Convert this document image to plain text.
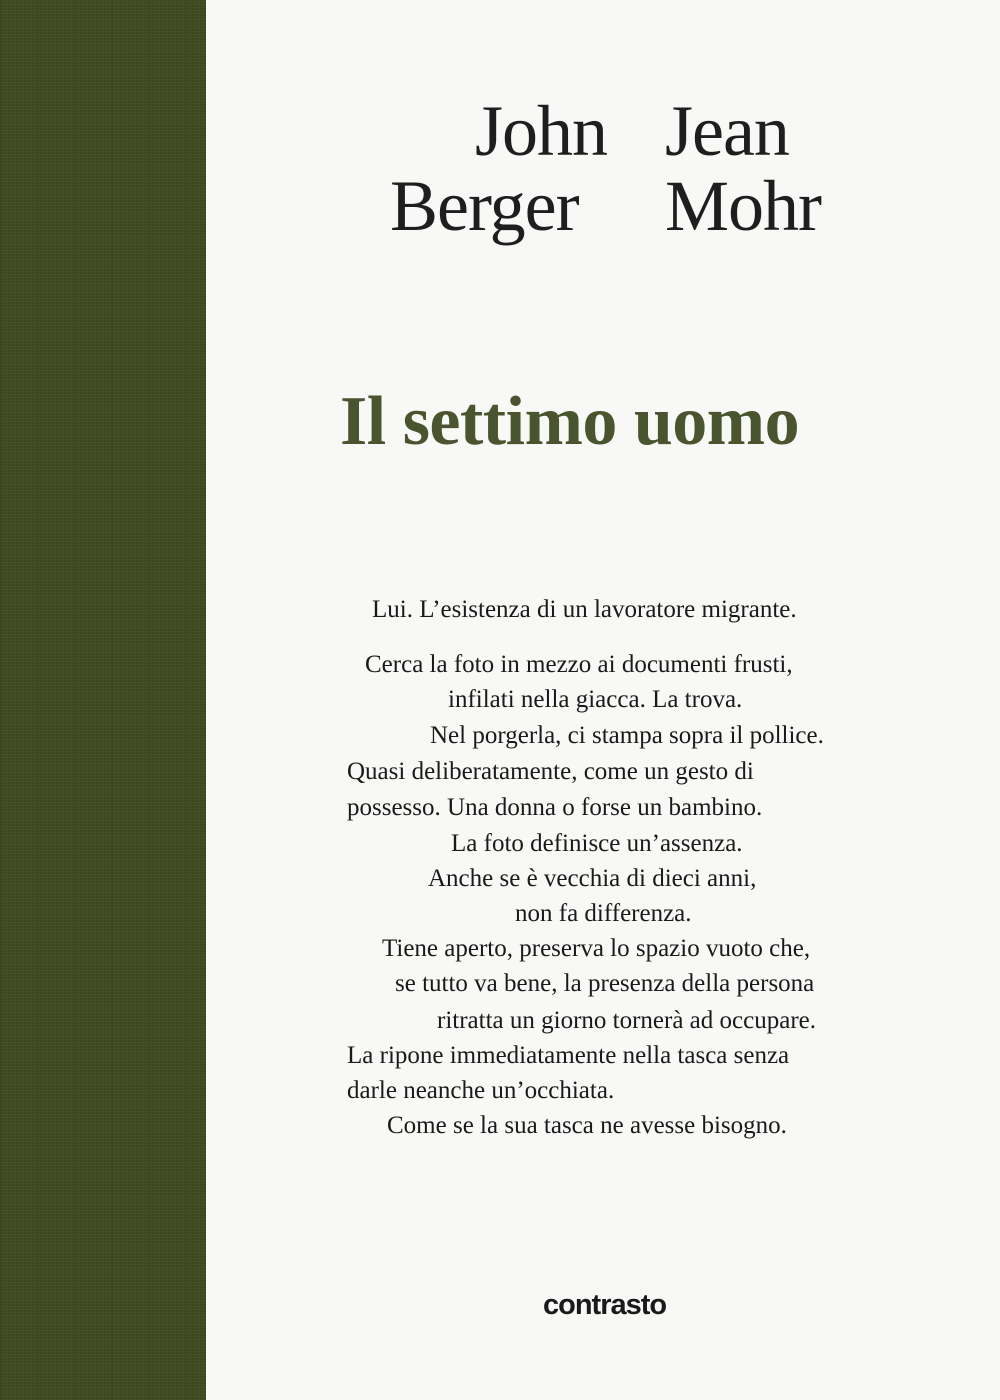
John
Berger
Jean
Mohr
Il settimo uomo
Lui. L’esistenza di un lavoratore migrante.
Cerca la foto in mezzo ai documenti frusti,
infilati nella giacca. La trova.
Nel porgerla, ci stampa sopra il pollice.
Quasi deliberatamente, come un gesto di
possesso. Una donna o forse un bambino.
La foto definisce un’assenza.
Anche se è vecchia di dieci anni,
non fa differenza.
Tiene aperto, preserva lo spazio vuoto che,
se tutto va bene, la presenza della persona
ritratta un giorno tornerà ad occupare.
La ripone immediatamente nella tasca senza
darle neanche un’occhiata.
Come se la sua tasca ne avesse bisogno.
contrasto
